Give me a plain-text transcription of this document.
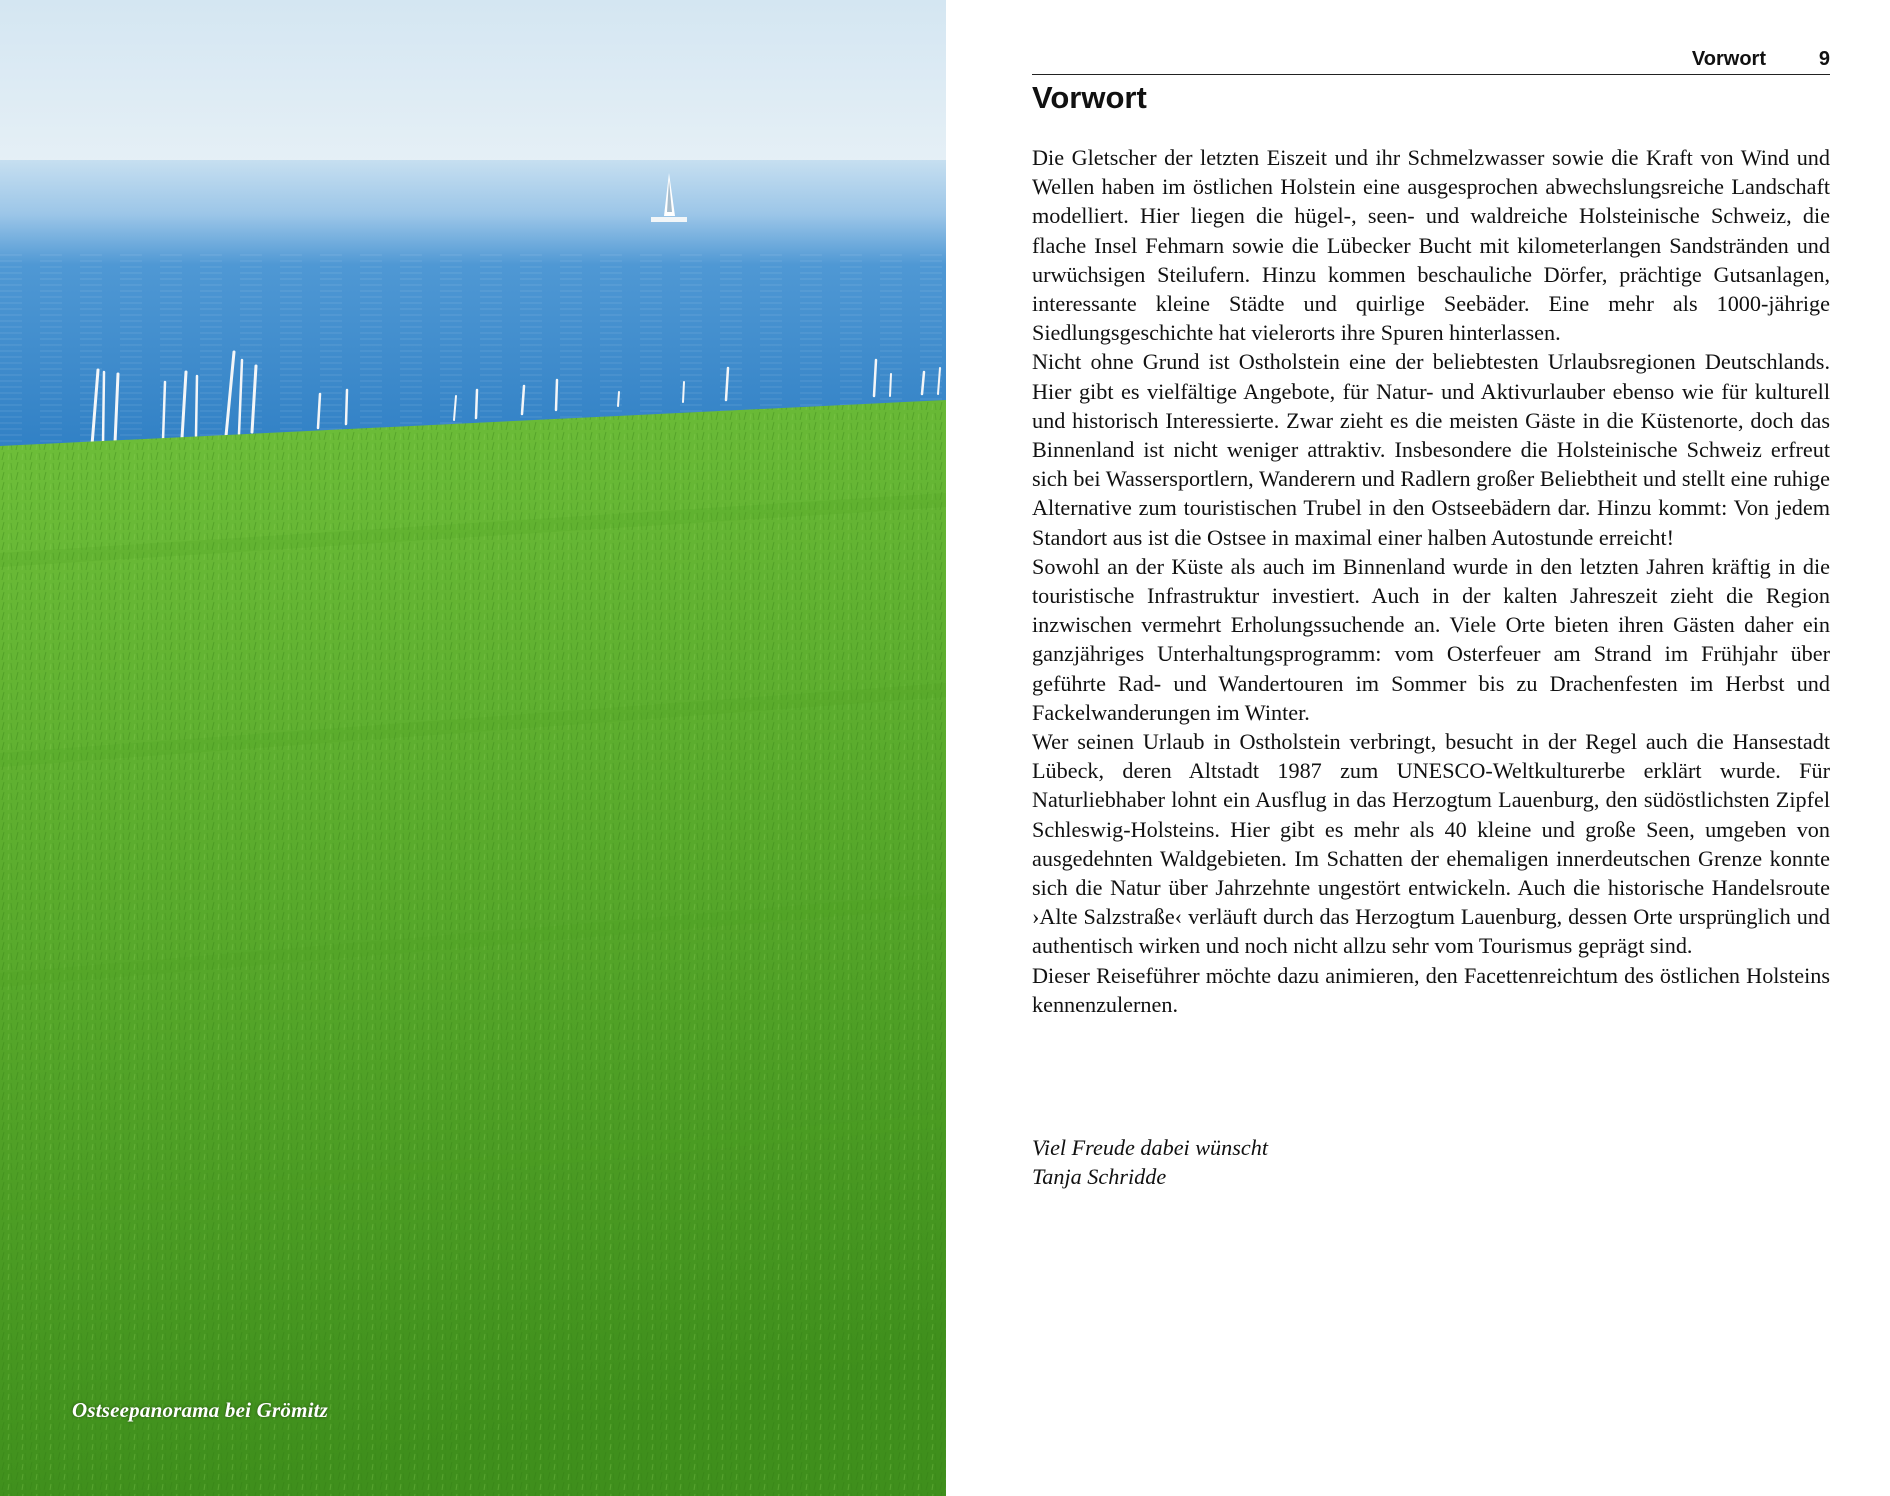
Ostseepanorama bei Grömitz
Vorwort	9
Vorwort

Die Gletscher der letzten Eiszeit und ihr Schmelzwasser sowie die Kraft von Wind und Wellen haben im östlichen Holstein eine ausgesprochen abwechslungsreiche Landschaft modelliert. Hier liegen die hügel-, seen- und waldreiche Holsteinische Schweiz, die flache Insel Fehmarn sowie die Lübecker Bucht mit kilometerlangen Sandstränden und urwüchsigen Steilufern. Hinzu kommen beschauliche Dörfer, prächtige Gutsanlagen, interessante kleine Städte und quirlige Seebäder. Eine mehr als 1000-jährige Siedlungsgeschichte hat vielerorts ihre Spuren hinterlassen.

Nicht ohne Grund ist Ostholstein eine der beliebtesten Urlaubsregionen Deutschlands. Hier gibt es vielfältige Angebote, für Natur- und Aktivurlauber ebenso wie für kulturell und historisch Interessierte. Zwar zieht es die meisten Gäste in die Küstenorte, doch das Binnenland ist nicht weniger attraktiv. Insbesondere die Holsteinische Schweiz erfreut sich bei Wassersportlern, Wanderern und Radlern großer Beliebtheit und stellt eine ruhige Alternative zum touristischen Trubel in den Ostseebädern dar. Hinzu kommt: Von jedem Standort aus ist die Ostsee in maximal einer halben Autostunde erreicht!

Sowohl an der Küste als auch im Binnenland wurde in den letzten Jahren kräftig in die touristische Infrastruktur investiert. Auch in der kalten Jahreszeit zieht die Region inzwischen vermehrt Erholungssuchende an. Viele Orte bieten ihren Gästen daher ein ganzjähriges Unterhaltungsprogramm: vom Osterfeuer am Strand im Frühjahr über geführte Rad- und Wandertouren im Sommer bis zu Drachenfesten im Herbst und Fackelwanderungen im Winter.

Wer seinen Urlaub in Ostholstein verbringt, besucht in der Regel auch die Hansestadt Lübeck, deren Altstadt 1987 zum UNESCO-Weltkulturerbe erklärt wurde. Für Naturliebhaber lohnt ein Ausflug in das Herzogtum Lauenburg, den südöstlichsten Zipfel Schleswig-Holsteins. Hier gibt es mehr als 40 kleine und große Seen, umgeben von ausgedehnten Waldgebieten. Im Schatten der ehemaligen innerdeutschen Grenze konnte sich die Natur über Jahrzehnte ungestört entwickeln. Auch die historische Handelsroute ›Alte Salzstraße‹ verläuft durch das Herzogtum Lauenburg, dessen Orte ursprünglich und authentisch wirken und noch nicht allzu sehr vom Tourismus geprägt sind.

Dieser Reiseführer möchte dazu animieren, den Facettenreichtum des östlichen Holsteins kennenzulernen.

Viel Freude dabei wünscht
Tanja Schridde
